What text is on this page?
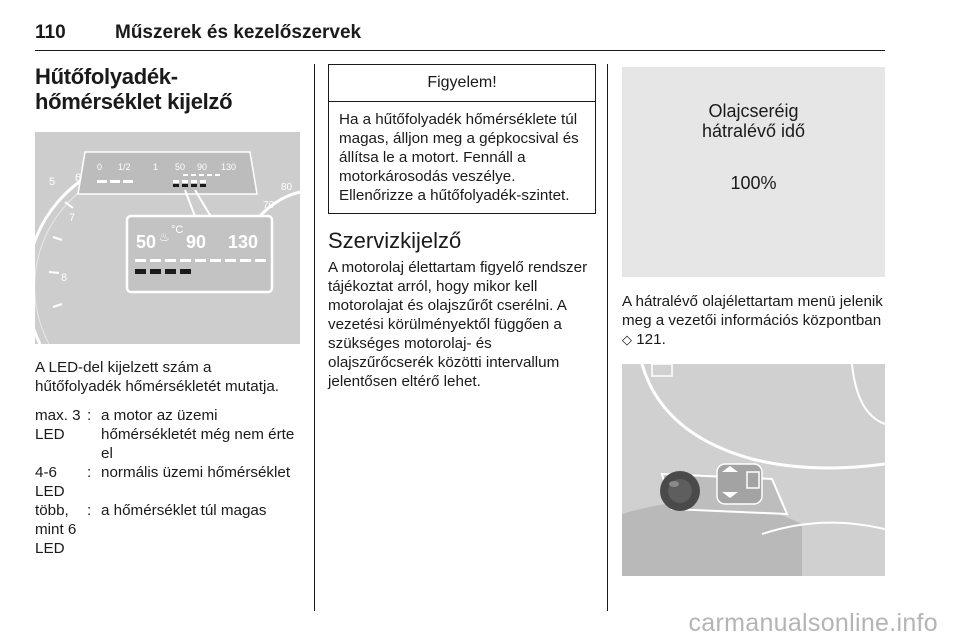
110	Műszerek és kezelőszervek
Hűtőfolyadék-hőmérséklet kijelző
0 1/2 1 50 90 130
50 ♨ °C
90 130
6
5
7
8
70
80

A LED-del kijelzett szám a hűtőfolyadék hőmérsékletét mutatja.

max. 3 LED
: a motor az üzemi hőmérsékletét még nem érte el
4-6 LED
: normális üzemi hőmérséklet
több, mint 6 LED
: a hőmérséklet túl magas
Figyelem!
Ha a hűtőfolyadék hőmérséklete túl magas, álljon meg a gépkocsival és állítsa le a motort. Fennáll a motorkárosodás veszélye. Ellenőrizze a hűtőfolyadék-szintet.
Szervizkijelző

A motorolaj élettartam figyelő rendszer tájékoztat arról, hogy mikor kell motorolajat és olajszűrőt cserélni. A vezetési körülményektől függően a szükséges motorolaj- és olajszűrőcserék közötti intervallum jelentősen eltérő lehet.

Olajcseréig
hátralévő idő
100%

A hátralévő olajélettartam menü jelenik meg a vezetői információs központban ◇ 121.

carmanualsonline.info
